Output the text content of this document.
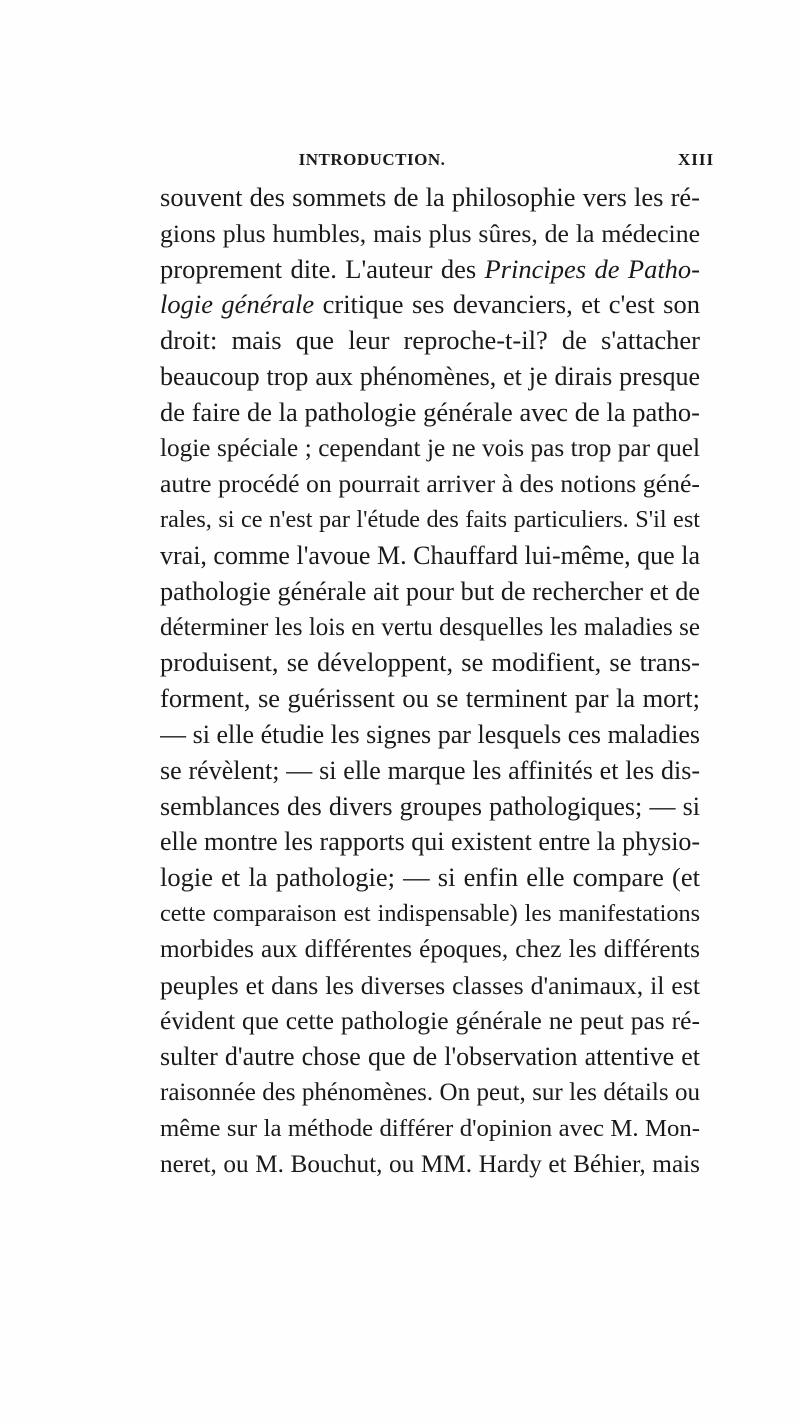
INTRODUCTION.	XIII
souvent des sommets de la philosophie vers les ré-
gions plus humbles, mais plus sûres, de la médecine
proprement dite. L'auteur des Principes de Patho-
logie générale critique ses devanciers, et c'est son
droit: mais que leur reproche-t-il? de s'attacher
beaucoup trop aux phénomènes, et je dirais presque
de faire de la pathologie générale avec de la patho-
logie spéciale ; cependant je ne vois pas trop par quel
autre procédé on pourrait arriver à des notions géné-
rales, si ce n'est par l'étude des faits particuliers. S'il est
vrai, comme l'avoue M. Chauffard lui-même, que la
pathologie générale ait pour but de rechercher et de
déterminer les lois en vertu desquelles les maladies se
produisent, se développent, se modifient, se trans-
forment, se guérissent ou se terminent par la mort;
— si elle étudie les signes par lesquels ces maladies
se révèlent; — si elle marque les affinités et les dis-
semblances des divers groupes pathologiques; — si
elle montre les rapports qui existent entre la physio-
logie et la pathologie; — si enfin elle compare (et
cette comparaison est indispensable) les manifestations
morbides aux différentes époques, chez les différents
peuples et dans les diverses classes d'animaux, il est
évident que cette pathologie générale ne peut pas ré-
sulter d'autre chose que de l'observation attentive et
raisonnée des phénomènes. On peut, sur les détails ou
même sur la méthode différer d'opinion avec M. Mon-
neret, ou M. Bouchut, ou MM. Hardy et Béhier, mais
